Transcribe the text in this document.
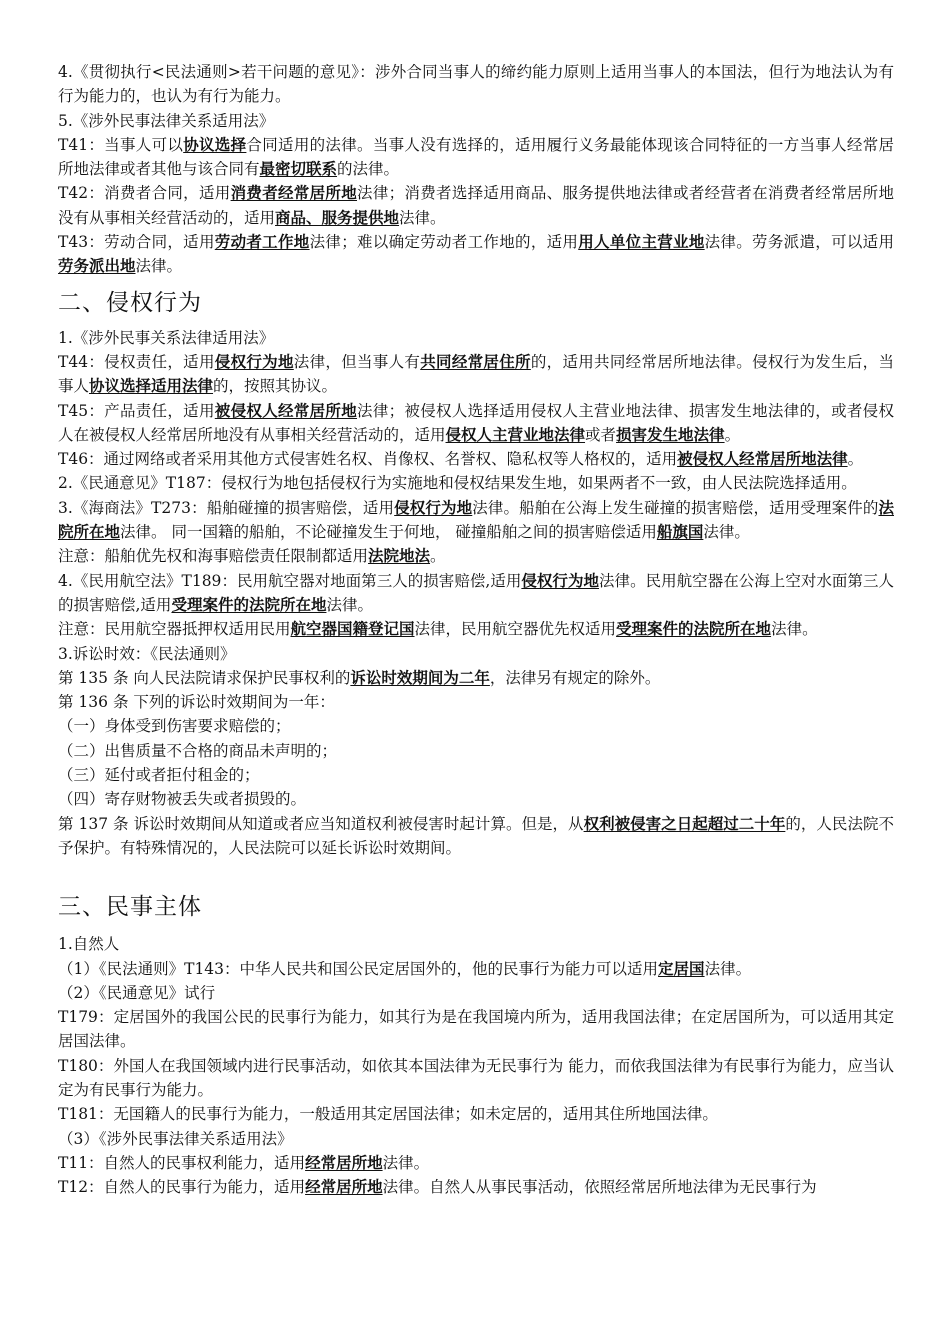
4.《贯彻执行<民法通则>若干问题的意见》：涉外合同当事人的缔约能力原则上适用当事人的本国法，但行为地法认为有行为能力的，也认为有行为能力。

5.《涉外民事法律关系适用法》

T41：当事人可以协议选择合同适用的法律。当事人没有选择的，适用履行义务最能体现该合同特征的一方当事人经常居所地法律或者其他与该合同有最密切联系的法律。

T42：消费者合同，适用消费者经常居所地法律；消费者选择适用商品、服务提供地法律或者经营者在消费者经常居所地没有从事相关经营活动的，适用商品、服务提供地法律。

T43：劳动合同，适用劳动者工作地法律；难以确定劳动者工作地的，适用用人单位主营业地法律。劳务派遣，可以适用劳务派出地法律。

二、侵权行为

1.《涉外民事关系法律适用法》

T44：侵权责任，适用侵权行为地法律，但当事人有共同经常居住所的，适用共同经常居所地法律。侵权行为发生后，当事人协议选择适用法律的，按照其协议。

T45：产品责任，适用被侵权人经常居所地法律；被侵权人选择适用侵权人主营业地法律、损害发生地法律的，或者侵权人在被侵权人经常居所地没有从事相关经营活动的，适用侵权人主营业地法律或者损害发生地法律。

T46：通过网络或者采用其他方式侵害姓名权、肖像权、名誉权、隐私权等人格权的，适用被侵权人经常居所地法律。

2.《民通意见》T187：侵权行为地包括侵权行为实施地和侵权结果发生地，如果两者不一致，由人民法院选择适用。

3.《海商法》T273：船舶碰撞的损害赔偿，适用侵权行为地法律。船舶在公海上发生碰撞的损害赔偿，适用受理案件的法院所在地法律。 同一国籍的船舶，不论碰撞发生于何地， 碰撞船舶之间的损害赔偿适用船旗国法律。

注意：船舶优先权和海事赔偿责任限制都适用法院地法。

4.《民用航空法》T189：民用航空器对地面第三人的损害赔偿,适用侵权行为地法律。民用航空器在公海上空对水面第三人的损害赔偿,适用受理案件的法院所在地法律。

注意：民用航空器抵押权适用民用航空器国籍登记国法律，民用航空器优先权适用受理案件的法院所在地法律。

3.诉讼时效：《民法通则》

第 135 条 向人民法院请求保护民事权利的诉讼时效期间为二年，法律另有规定的除外。

第 136 条 下列的诉讼时效期间为一年：

（一）身体受到伤害要求赔偿的；

（二）出售质量不合格的商品未声明的；

（三）延付或者拒付租金的；

（四）寄存财物被丢失或者损毁的。

第 137 条 诉讼时效期间从知道或者应当知道权利被侵害时起计算。但是，从权利被侵害之日起超过二十年的，人民法院不予保护。有特殊情况的，人民法院可以延长诉讼时效期间。

三、民事主体

1.自然人

（1）《民法通则》T143：中华人民共和国公民定居国外的，他的民事行为能力可以适用定居国法律。

（2）《民通意见》试行

T179：定居国外的我国公民的民事行为能力，如其行为是在我国境内所为，适用我国法律；在定居国所为，可以适用其定居国法律。

T180：外国人在我国领域内进行民事活动，如依其本国法律为无民事行为 能力，而依我国法律为有民事行为能力，应当认定为有民事行为能力。

T181：无国籍人的民事行为能力，一般适用其定居国法律；如未定居的，适用其住所地国法律。

（3）《涉外民事法律关系适用法》

T11：自然人的民事权利能力，适用经常居所地法律。

T12：自然人的民事行为能力，适用经常居所地法律。自然人从事民事活动，依照经常居所地法律为无民事行为
